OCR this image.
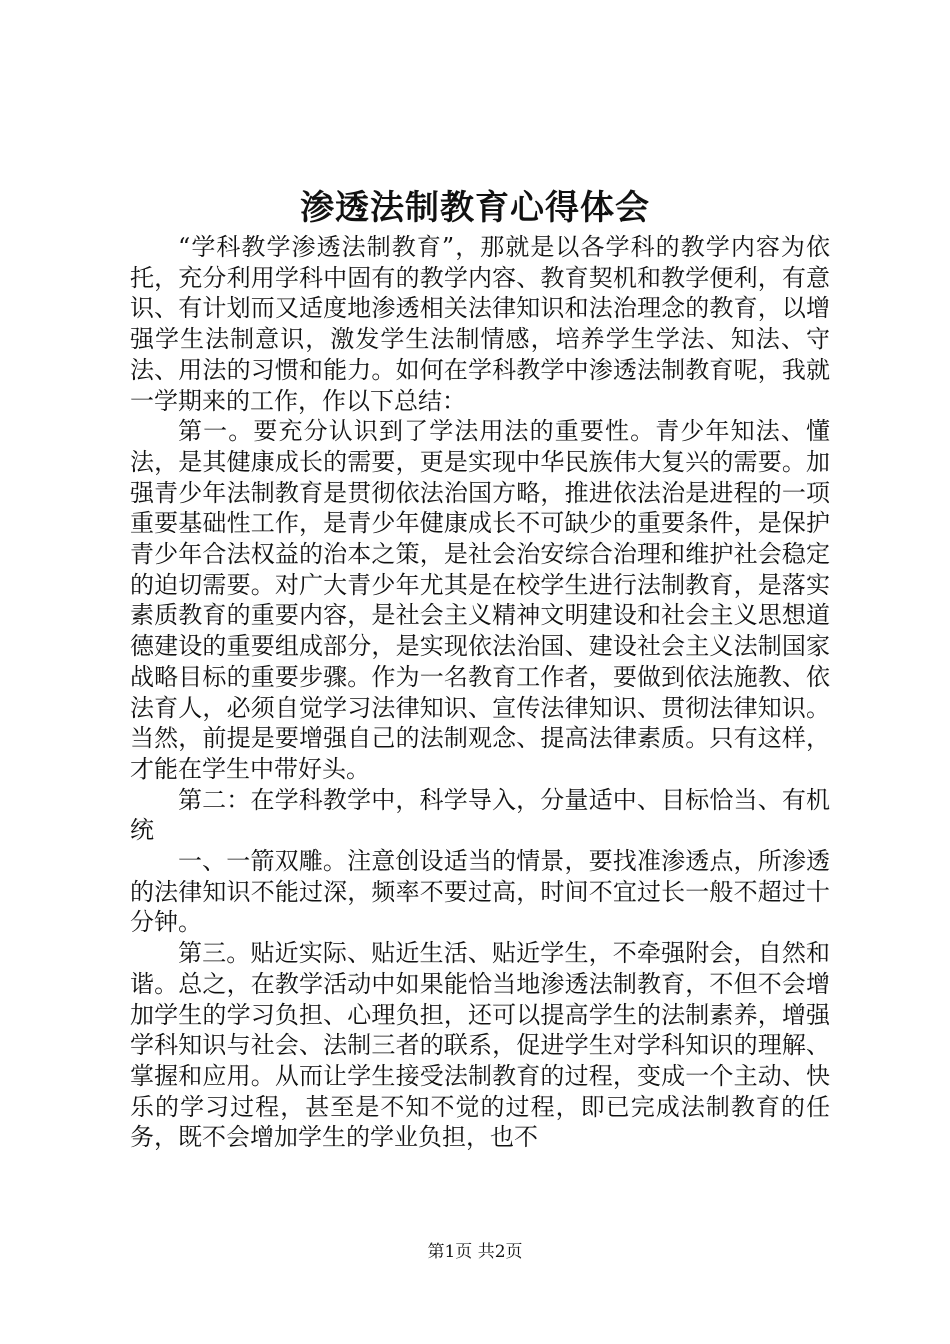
渗透法制教育心得体会

“学科教学渗透法制教育”，那就是以各学科的教学内容为依托，充分利用学科中固有的教学内容、教育契机和教学便利，有意识、有计划而又适度地渗透相关法律知识和法治理念的教育，以增强学生法制意识，激发学生法制情感，培养学生学法、知法、守法、用法的习惯和能力。如何在学科教学中渗透法制教育呢，我就一学期来的工作，作以下总结：

第一。要充分认识到了学法用法的重要性。青少年知法、懂法，是其健康成长的需要，更是实现中华民族伟大复兴的需要。加强青少年法制教育是贯彻依法治国方略，推进依法治是进程的一项重要基础性工作，是青少年健康成长不可缺少的重要条件，是保护青少年合法权益的治本之策，是社会治安综合治理和维护社会稳定的迫切需要。对广大青少年尤其是在校学生进行法制教育，是落实素质教育的重要内容，是社会主义精神文明建设和社会主义思想道德建设的重要组成部分，是实现依法治国、建设社会主义法制国家战略目标的重要步骤。作为一名教育工作者，要做到依法施教、依法育人，必须自觉学习法律知识、宣传法律知识、贯彻法律知识。当然，前提是要增强自己的法制观念、提高法律素质。只有这样，才能在学生中带好头。

第二：在学科教学中，科学导入，分量适中、目标恰当、有机统

一、一箭双雕。注意创设适当的情景，要找准渗透点，所渗透的法律知识不能过深，频率不要过高，时间不宜过长一般不超过十分钟。

第三。贴近实际、贴近生活、贴近学生，不牵强附会，自然和谐。总之，在教学活动中如果能恰当地渗透法制教育，不但不会增加学生的学习负担、心理负担，还可以提高学生的法制素养，增强学科知识与社会、法制三者的联系，促进学生对学科知识的理解、掌握和应用。从而让学生接受法制教育的过程，变成一个主动、快乐的学习过程，甚至是不知不觉的过程，即已完成法制教育的任务，既不会增加学生的学业负担，也不

第1页 共2页
